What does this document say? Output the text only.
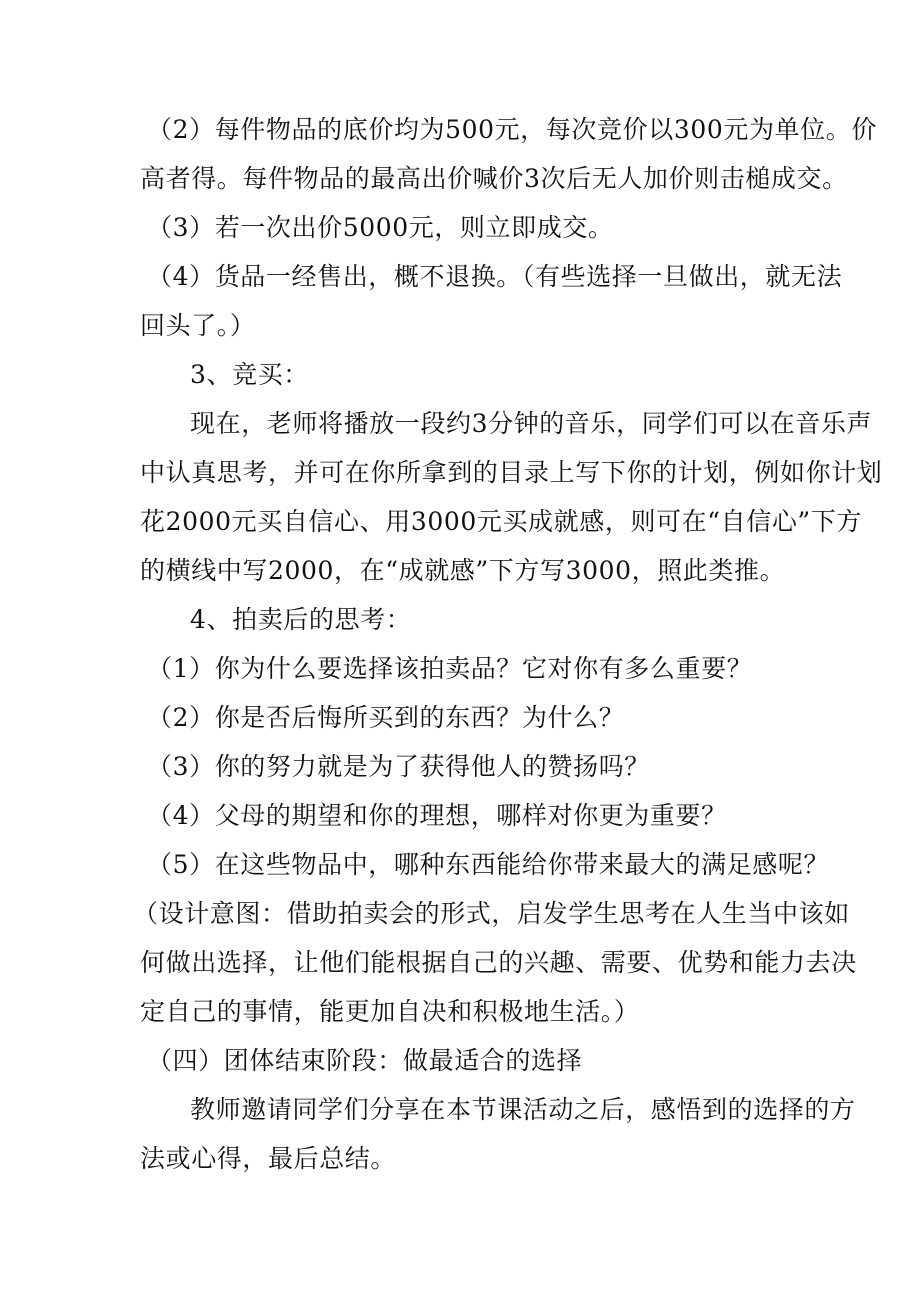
（2）每件物品的底价均为500元，每次竞价以300元为单位。价
高者得。每件物品的最高出价喊价3次后无人加价则击槌成交。
（3）若一次出价5000元，则立即成交。
（4）货品一经售出，概不退换。（有些选择一旦做出，就无法
回头了。）
3、竞买：
现在，老师将播放一段约3分钟的音乐，同学们可以在音乐声
中认真思考，并可在你所拿到的目录上写下你的计划，例如你计划
花2000元买自信心、用3000元买成就感，则可在“自信心”下方
的横线中写2000，在“成就感”下方写3000，照此类推。
4、拍卖后的思考：
（1）你为什么要选择该拍卖品？它对你有多么重要？
（2）你是否后悔所买到的东西？为什么？
（3）你的努力就是为了获得他人的赞扬吗？
（4）父母的期望和你的理想，哪样对你更为重要？
（5）在这些物品中，哪种东西能给你带来最大的满足感呢？
（设计意图：借助拍卖会的形式，启发学生思考在人生当中该如
何做出选择，让他们能根据自己的兴趣、需要、优势和能力去决
定自己的事情，能更加自决和积极地生活。）
（四）团体结束阶段：做最适合的选择
教师邀请同学们分享在本节课活动之后，感悟到的选择的方
法或心得，最后总结。
